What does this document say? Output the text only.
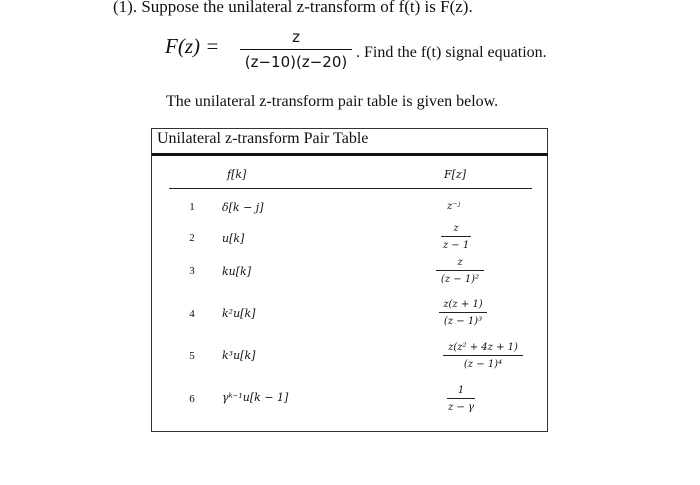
(1). Suppose the unilateral z-transform of f(t) is F(z).
F(z) =	z
(z−10)(z−20)
. Find the f(t) signal equation.
The unilateral z-transform pair table is given below.
Unilateral z-transform Pair Table
f[k]	F[z]
1	δ[k − j]	z⁻ʲ
2	u[k]
z
z − 1
3	ku[k]
z
(z − 1)²
4	k²u[k]
z(z + 1)
(z − 1)³
5	k³u[k]
z(z² + 4z + 1)
(z − 1)⁴
6	γᵏ⁻¹u[k − 1]
1
z − γ
